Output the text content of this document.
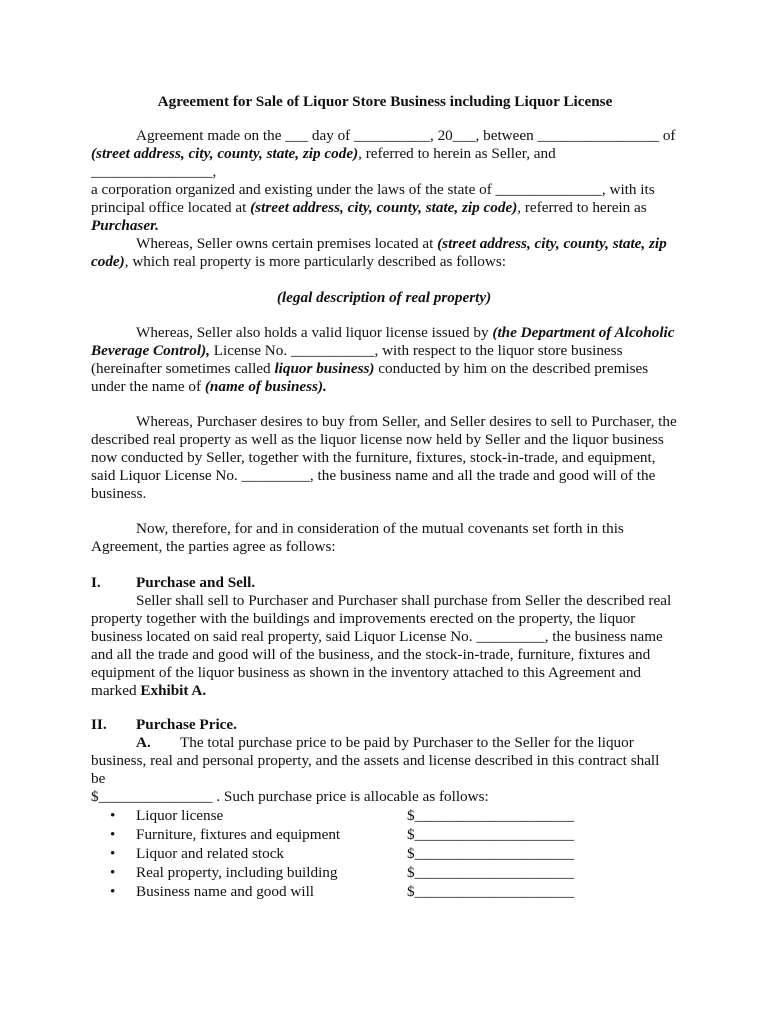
Agreement for Sale of Liquor Store Business including Liquor License
Agreement made on the ___ day of __________, 20___, between ________________ of
(street address, city, county, state, zip code), referred to herein as Seller, and ________________,
a corporation organized and existing under the laws of the state of ______________, with its
principal office located at (street address, city, county, state, zip code), referred to herein as
Purchaser.
Whereas, Seller owns certain premises located at (street address, city, county, state, zip
code), which real property is more particularly described as follows:
(legal description of real property)
Whereas, Seller also holds a valid liquor license issued by (the Department of Alcoholic
Beverage Control), License No. ___________, with respect to the liquor store business
(hereinafter sometimes called liquor business) conducted by him on the described premises
under the name of (name of business).
Whereas, Purchaser desires to buy from Seller, and Seller desires to sell to Purchaser, the
described real property as well as the liquor license now held by Seller and the liquor business
now conducted by Seller, together with the furniture, fixtures, stock-in-trade, and equipment,
said Liquor License No. _________, the business name and all the trade and good will of the
business.
Now, therefore, for and in consideration of the mutual covenants set forth in this
Agreement, the parties agree as follows:
I. Purchase and Sell.
Seller shall sell to Purchaser and Purchaser shall purchase from Seller the described real
property together with the buildings and improvements erected on the property, the liquor
business located on said real property, said Liquor License No. _________, the business name
and all the trade and good will of the business, and the stock-in-trade, furniture, fixtures and
equipment of the liquor business as shown in the inventory attached to this Agreement and
marked Exhibit A.
II. Purchase Price.
A. The total purchase price to be paid by Purchaser to the Seller for the liquor
business, real and personal property, and the assets and license described in this contract shall be
$_______________ . Such purchase price is allocable as follows:
• Liquor license	$_____________________
• Furniture, fixtures and equipment	$_____________________
• Liquor and related stock	$_____________________
• Real property, including building	$_____________________
• Business name and good will	$_____________________
